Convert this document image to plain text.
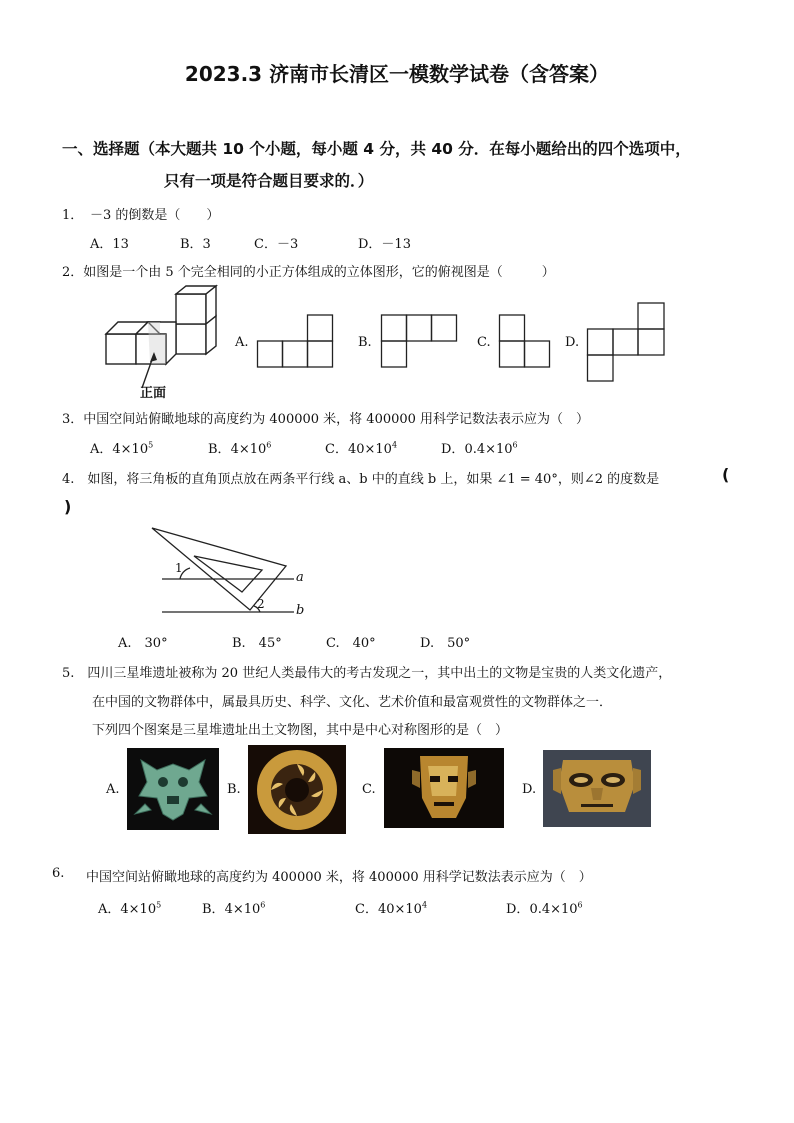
2023.3 济南市长清区一模数学试卷（含答案）
一、选择题（本大题共 10 个小题，每小题 4 分，共 40 分．在每小题给出的四个选项中，
只有一项是符合题目要求的．）
1． －3 的倒数是（　　）
A．13	B．3	C．－3	D．－13
2．如图是一个由 5 个完全相同的小正方体组成的立体图形，它的俯视图是（　　　）
正面
A.	B.	C.	D.
3．中国空间站俯瞰地球的高度约为 400000 米，将 400000 用科学记数法表示应为（　）
A．$4\times 10^5$	B．$4\times 10^6$	C．$40\times 10^4$	D．$0.4\times 10^6$
4.　如图，将三角板的直角顶点放在两条平行线 a、b 中的直线 b 上，如果 ∠1 = 40°，则∠2 的度数是	(
)
1
2
a
b
A.　30°	B.　45°	C.　40°	D.　50°
5.　四川三星堆遗址被称为 20 世纪人类最伟大的考古发现之一，其中出土的文物是宝贵的人类文化遗产，
在中国的文物群体中，属最具历史、科学、文化、艺术价值和最富观赏性的文物群体之一．
下列四个图案是三星堆遗址出土文物图，其中是中心对称图形的是（　）
A.	B.	C.	D.
6. 中国空间站俯瞰地球的高度约为 400000 米，将 400000 用科学记数法表示应为（　）
A．$4\times 10^5$	B．$4\times 10^6$	C．$40\times 10^4$	D．$0.4\times 10^6$
